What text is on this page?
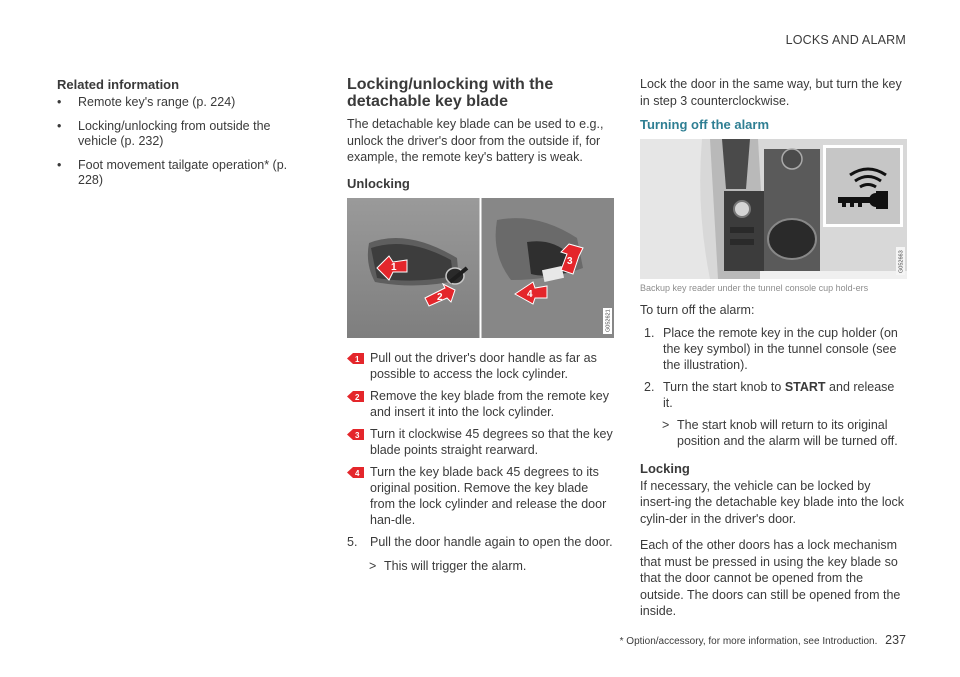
LOCKS AND ALARM

Related information

• Remote key's range (p. 224)
• Locking/unlocking from outside the vehicle (p. 232)
• Foot movement tailgate operation* (p. 228)

Locking/unlocking with the detachable key blade

The detachable key blade can be used to e.g., unlock the driver's door from the outside if, for example, the remote key's battery is weak.

Unlocking

1
2
3
4
G052621
1 Pull out the driver's door handle as far as possible to access the lock cylinder.
2 Remove the key blade from the remote key and insert it into the lock cylinder.
3 Turn it clockwise 45 degrees so that the key blade points straight rearward.
4 Turn the key blade back 45 degrees to its original position. Remove the key blade from the lock cylinder and release the door han-dle.
5. Pull the door handle again to open the door.
> This will trigger the alarm.

Lock the door in the same way, but turn the key in step 3 counterclockwise.

Turning off the alarm

G052663

Backup key reader under the tunnel console cup hold-ers

To turn off the alarm:

1. Place the remote key in the cup holder (on the key symbol) in the tunnel console (see the illustration).
2. Turn the start knob to START and release it.
> The start knob will return to its original position and the alarm will be turned off.

Locking

If necessary, the vehicle can be locked by insert-ing the detachable key blade into the lock cylin-der in the driver's door.

Each of the other doors has a lock mechanism that must be pressed in using the key blade so that the door cannot be opened from the outside. The doors can still be opened from the inside.

* Option/accessory, for more information, see Introduction. 237
